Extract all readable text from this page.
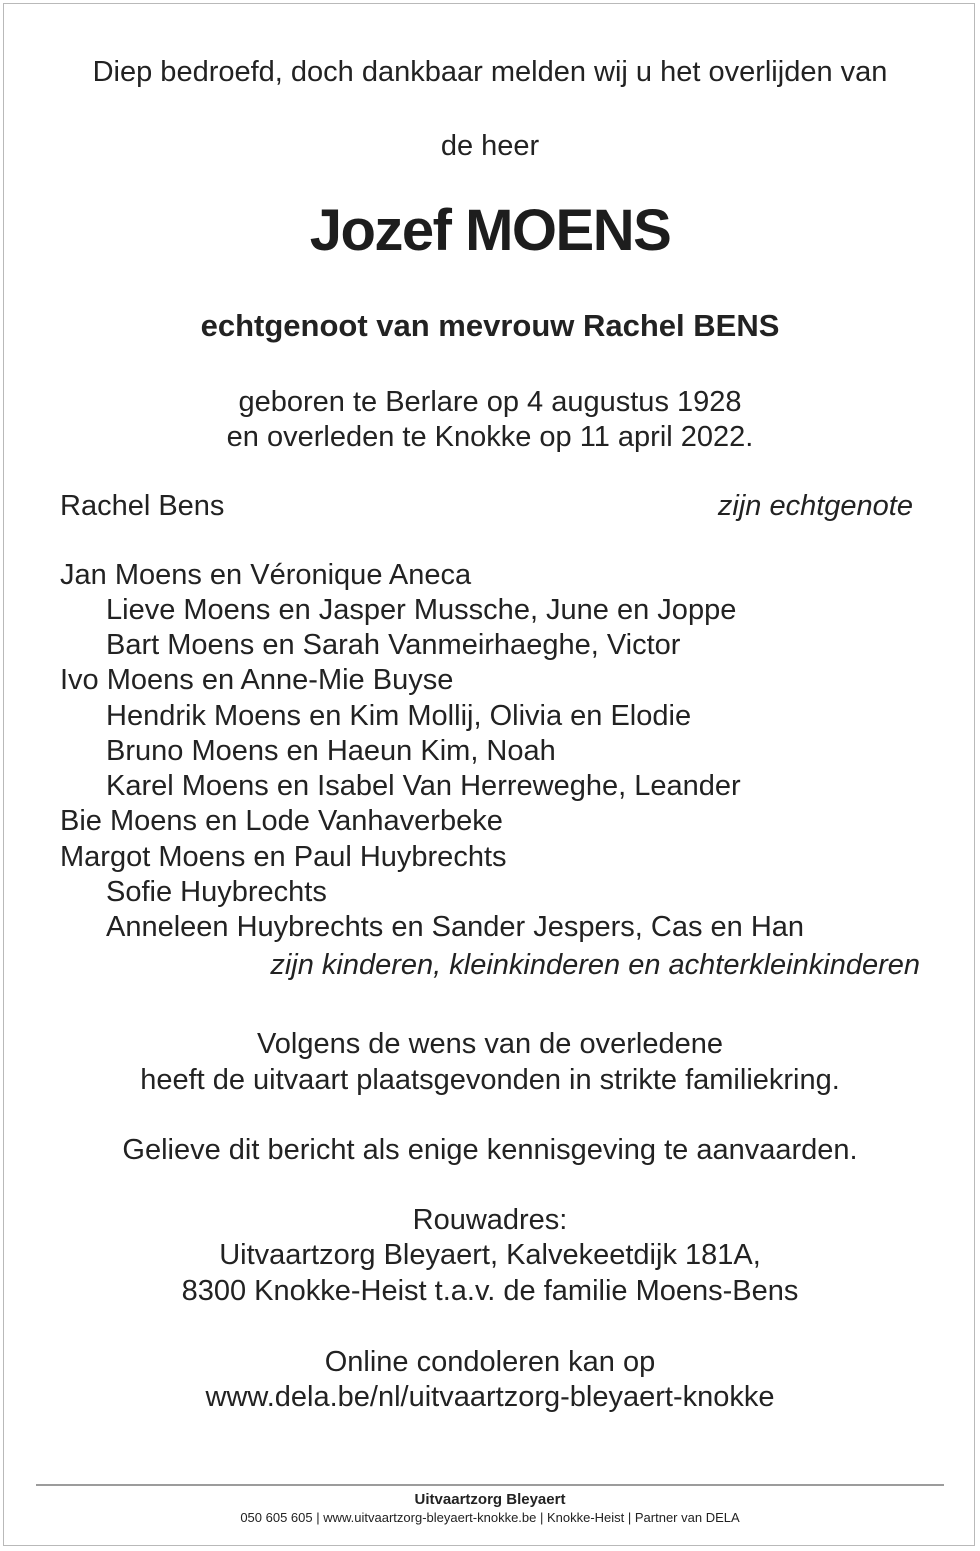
Diep bedroefd, doch dankbaar melden wij u het overlijden van
de heer
Jozef MOENS
echtgenoot van mevrouw Rachel BENS
geboren te Berlare op 4 augustus 1928
en overleden te Knokke op 11 april 2022.
Rachel Bens	zijn echtgenote
Jan Moens en Véronique Aneca
Lieve Moens en Jasper Mussche, June en Joppe
Bart Moens en Sarah Vanmeirhaeghe, Victor
Ivo Moens en Anne-Mie Buyse
Hendrik Moens en Kim Mollij, Olivia en Elodie
Bruno Moens en Haeun Kim, Noah
Karel Moens en Isabel Van Herreweghe, Leander
Bie Moens en Lode Vanhaverbeke
Margot Moens en Paul Huybrechts
Sofie Huybrechts
Anneleen Huybrechts en Sander Jespers, Cas en Han
zijn kinderen, kleinkinderen en achterkleinkinderen
Volgens de wens van de overledene
heeft de uitvaart plaatsgevonden in strikte familiekring.
Gelieve dit bericht als enige kennisgeving te aanvaarden.
Rouwadres:
Uitvaartzorg Bleyaert, Kalvekeetdijk 181A,
8300 Knokke-Heist t.a.v. de familie Moens-Bens
Online condoleren kan op
www.dela.be/nl/uitvaartzorg-bleyaert-knokke
Uitvaartzorg Bleyaert
050 605 605 | www.uitvaartzorg-bleyaert-knokke.be | Knokke-Heist | Partner van DELA
